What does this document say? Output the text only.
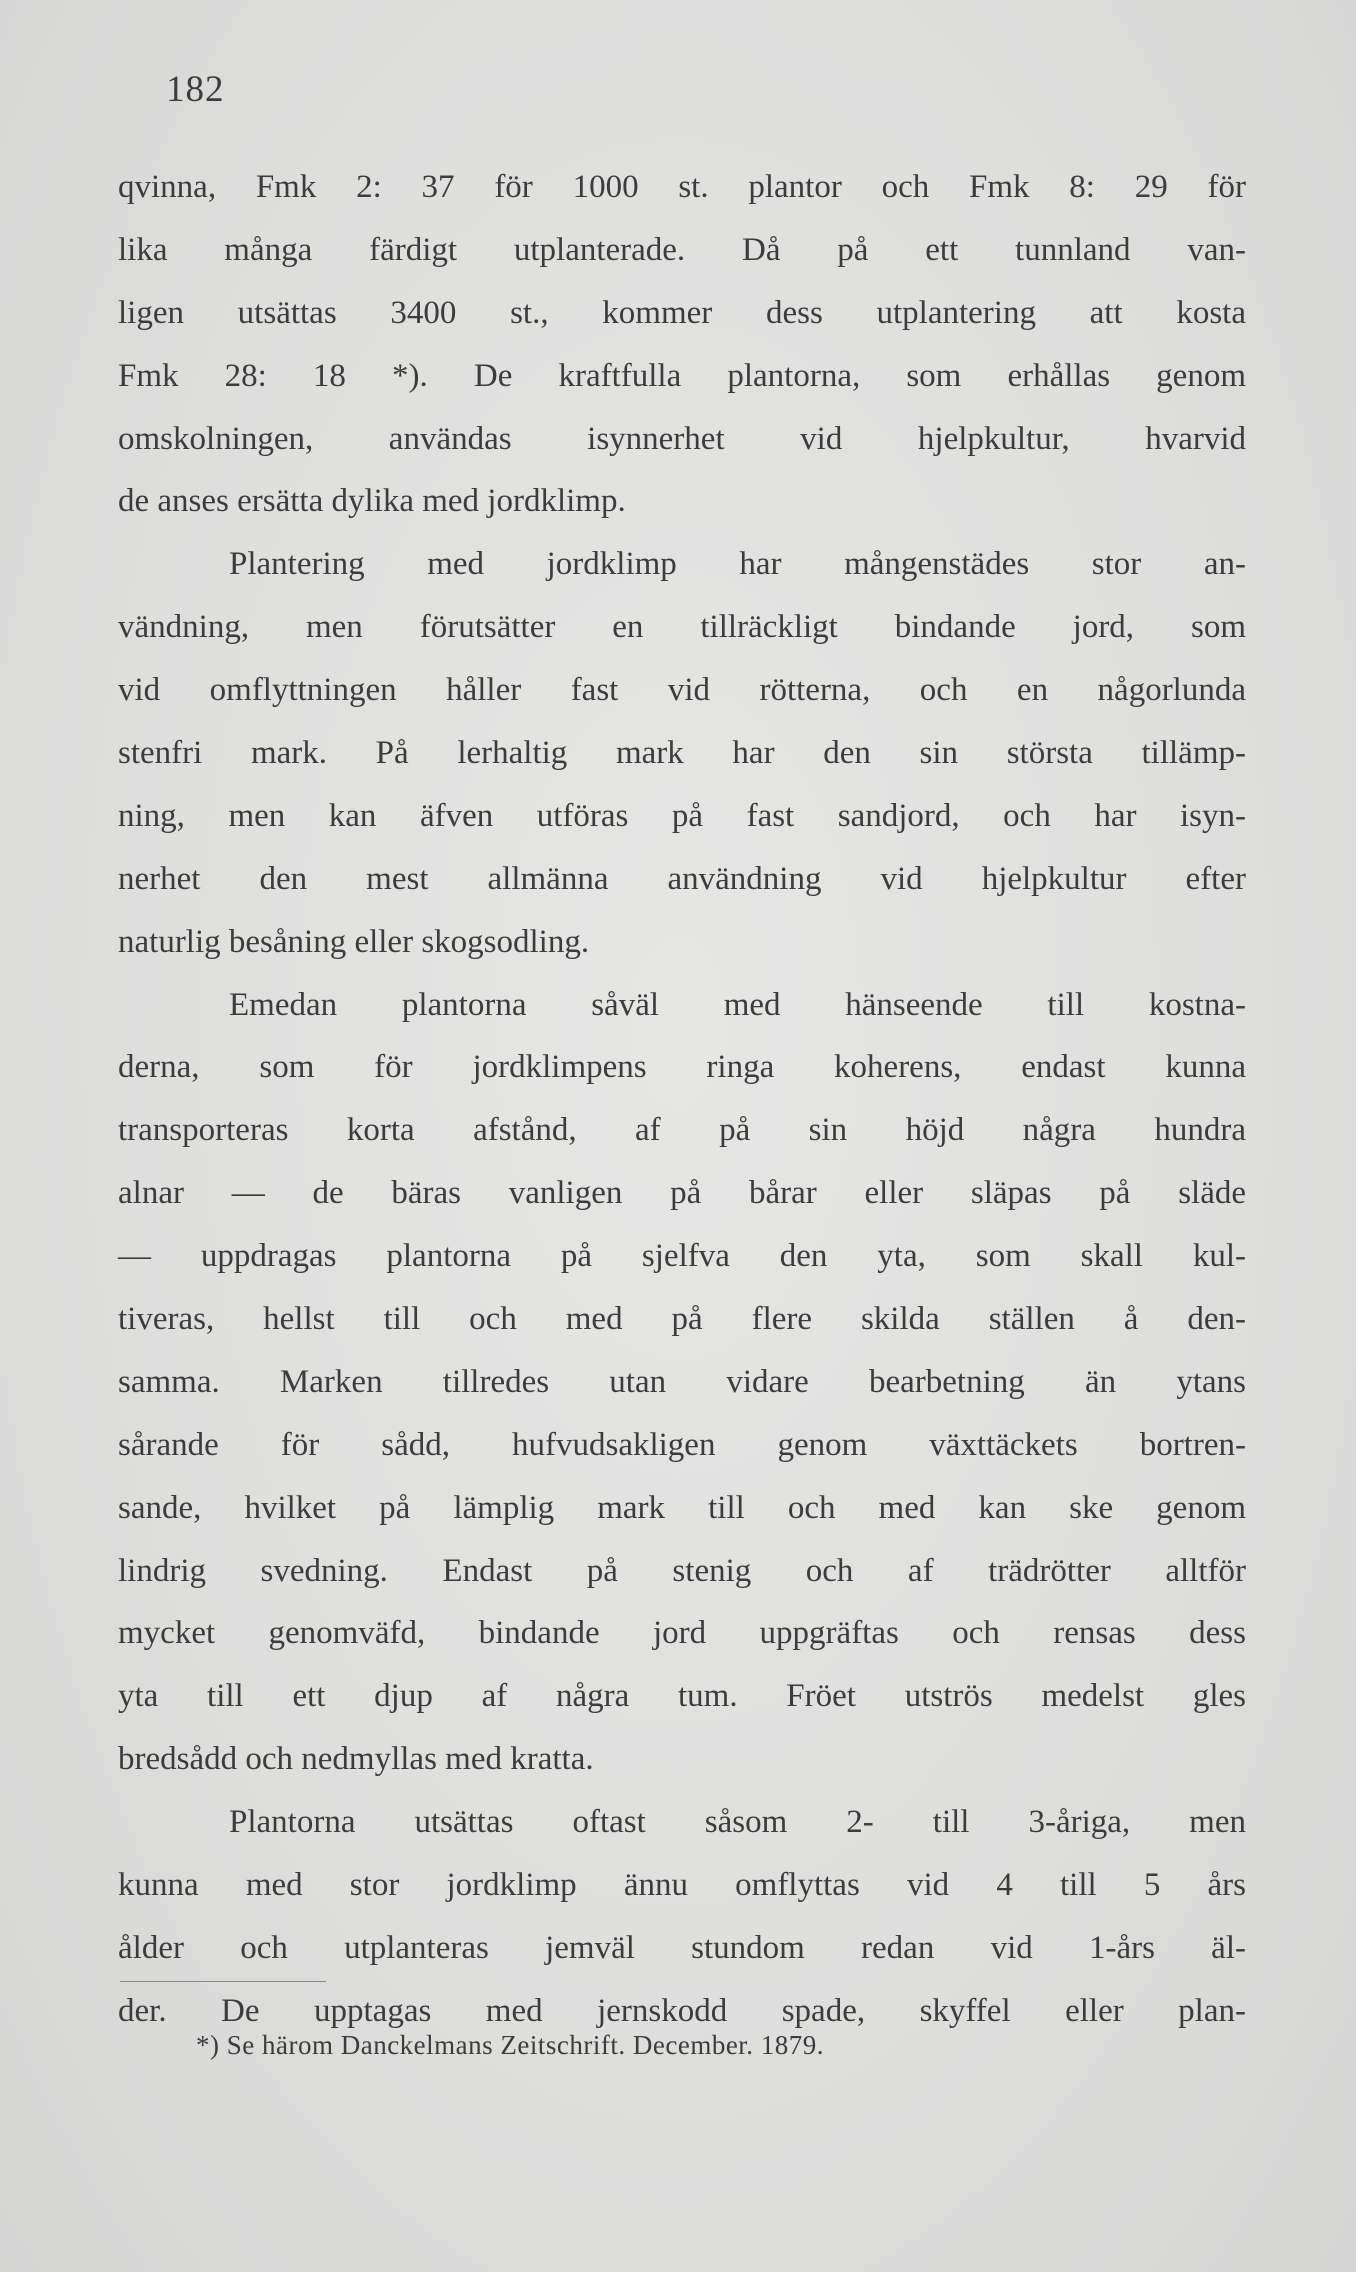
182
qvinna, Fmk 2: 37 för 1000 st. plantor och Fmk 8: 29 för
lika många färdigt utplanterade. Då på ett tunnland van-
ligen utsättas 3400 st., kommer dess utplantering att kosta
Fmk 28: 18 *). De kraftfulla plantorna, som erhållas genom
omskolningen, användas isynnerhet vid hjelpkultur, hvarvid
de anses ersätta dylika med jordklimp.
Plantering med jordklimp har mångenstädes stor an-
vändning, men förutsätter en tillräckligt bindande jord, som
vid omflyttningen håller fast vid rötterna, och en någorlunda
stenfri mark. På lerhaltig mark har den sin största tillämp-
ning, men kan äfven utföras på fast sandjord, och har isyn-
nerhet den mest allmänna användning vid hjelpkultur efter
naturlig besåning eller skogsodling.
Emedan plantorna såväl med hänseende till kostna-
derna, som för jordklimpens ringa koherens, endast kunna
transporteras korta afstånd, af på sin höjd några hundra
alnar — de bäras vanligen på bårar eller släpas på släde
— uppdragas plantorna på sjelfva den yta, som skall kul-
tiveras, hellst till och med på flere skilda ställen å den-
samma. Marken tillredes utan vidare bearbetning än ytans
sårande för sådd, hufvudsakligen genom växttäckets bortren-
sande, hvilket på lämplig mark till och med kan ske genom
lindrig svedning. Endast på stenig och af trädrötter alltför
mycket genomväfd, bindande jord uppgräftas och rensas dess
yta till ett djup af några tum. Fröet utströs medelst gles
bredsådd och nedmyllas med kratta.
Plantorna utsättas oftast såsom 2- till 3-åriga, men
kunna med stor jordklimp ännu omflyttas vid 4 till 5 års
ålder och utplanteras jemväl stundom redan vid 1-års äl-
der. De upptagas med jernskodd spade, skyffel eller plan-
*) Se härom Danckelmans Zeitschrift. December. 1879.
